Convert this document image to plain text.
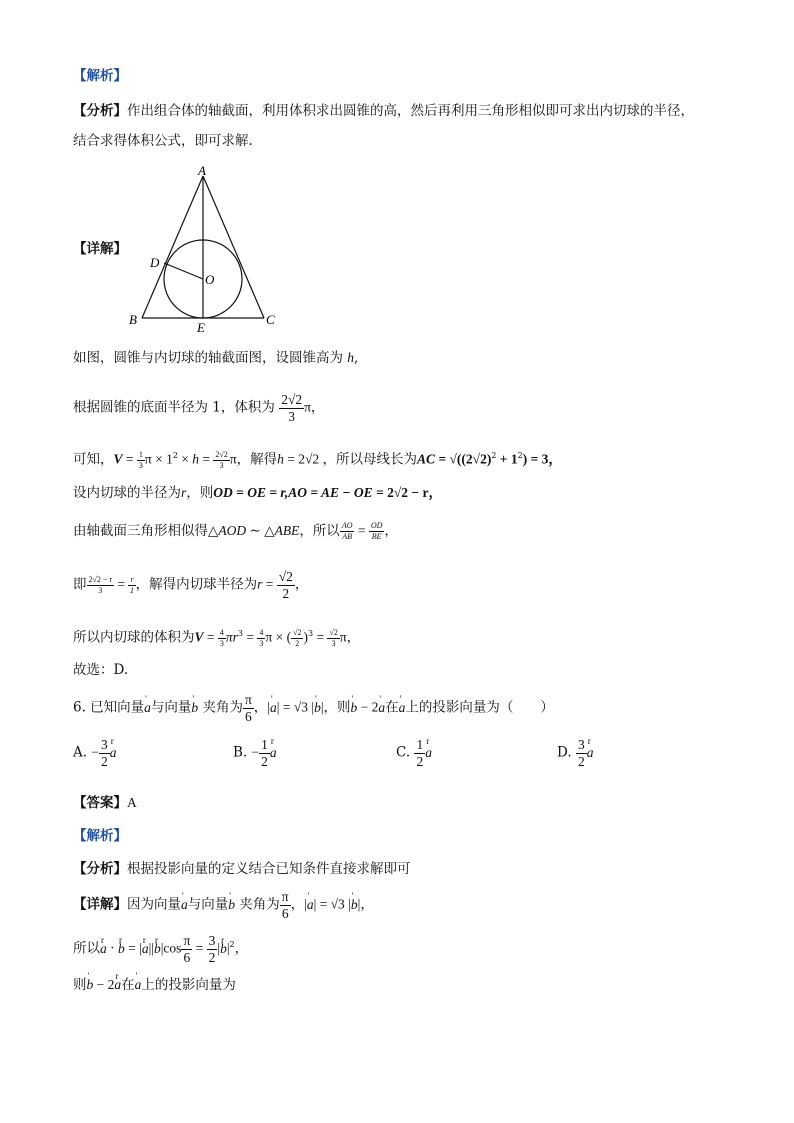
【解析】
【分析】作出组合体的轴截面，利用体积求出圆锥的高，然后再利用三角形相似即可求出内切球的半径，
结合求得体积公式，即可求解.
【详解】
A
D
O
B
E
C
如图，圆锥与内切球的轴截面图，设圆锥高为 h,
根据圆锥的底面半径为 1，体积为 $\frac{2√2}{3}$ π，
可知，$V = \frac{1}{3}$ $\pi \times 1^2 \times h = \frac{2√2}{3}$ π，解得h = 2√2 ，所以母线长为AC = $√((2√2)^2 + 1^2) = 3$，
设内切球的半径为r，则OD = OE = r,AO = AE − OE = 2√2 − r，
由轴截面三角形相似得△AOD ∼ △ABE，所以 $\frac{AO}{AB} = \frac{OD}{BE}$ ，
即 $\frac{2√2 - r}{3} = \frac{r}{1}$ ，解得内切球半径为$r = \frac{√2}{2}$ ，
所以内切球的体积为$V = \frac{4}{3} \pi r^3 = \frac{4}{3}$ π × ( $\frac{√2}{2} )^3 = \frac{√2}{3}$ π，
故选：D.
6. 已知向量' a与向量' b 夹角为 $\frac{\pi}{6}$ ，|' a| = √3 |' b|，则' b − 2' a在' a上的投影向量为（　　）
A. − $\frac{3}{2}$ r a	B. − $\frac{1}{2}$ r a	C. $\frac{1}{2}$ r a	D. $\frac{3}{2}$ r a
【答案】A
【解析】
【分析】根据投影向量的定义结合已知条件直接求解即可
【详解】因为向量' a与向量' b 夹角为 $\frac{\pi}{6}$ ，|' a| = √3 |' b|，
所以r a · r b = |r a||r $b|\cos \frac{\pi}{6} = \frac{3}{2} |r$ $b|^2$，
则' b − 2r a在' a上的投影向量为
